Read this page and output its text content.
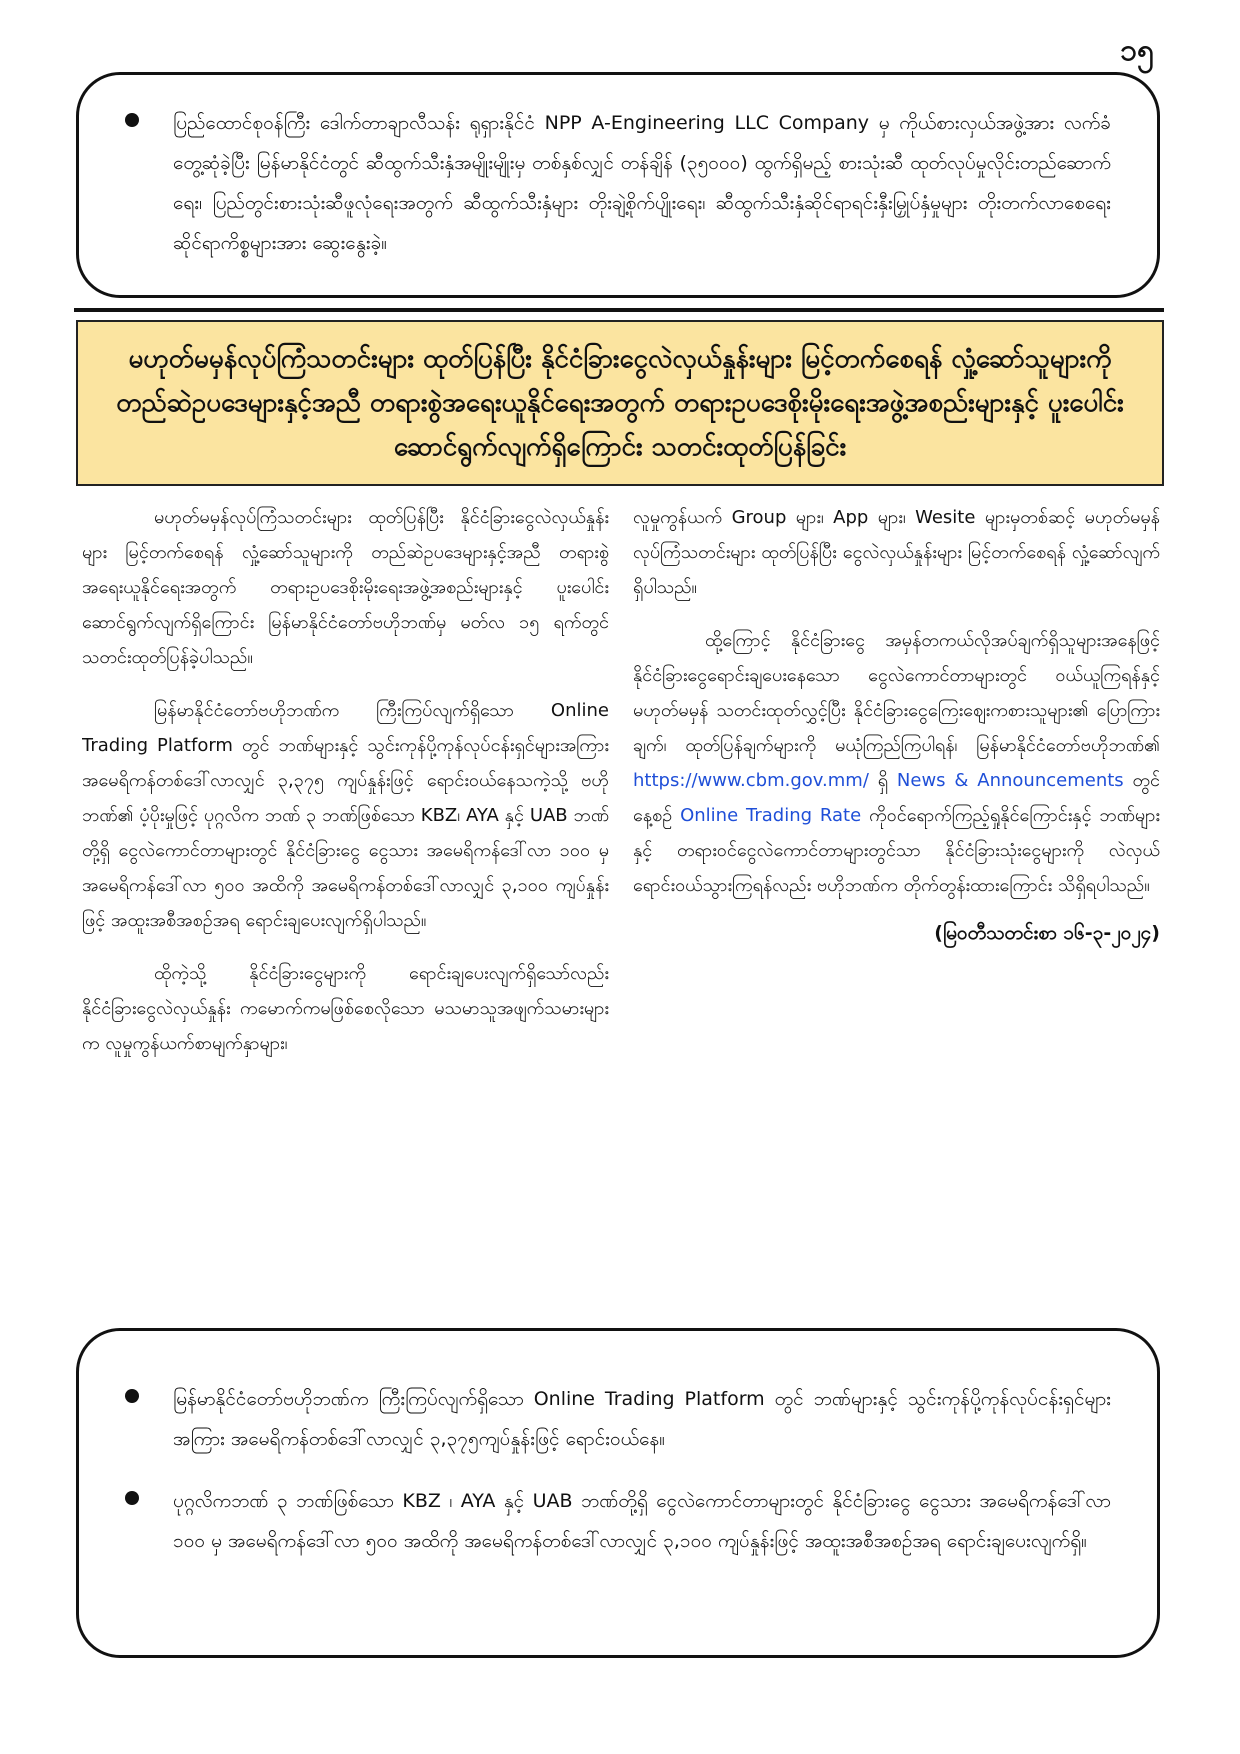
၁၅
ပြည်ထောင်စုဝန်ကြီး ဒေါက်တာချာလီသန်း ရုရှားနိုင်ငံ NPP A-Engineering LLC Company မှ ကိုယ်စားလှယ်အဖွဲ့အား လက်ခံတွေ့ဆုံခဲ့ပြီး မြန်မာနိုင်ငံတွင် ဆီထွက်သီးနှံအမျိုးမျိုးမှ တစ်နှစ်လျှင် တန်ချိန် (၃၅၀၀၀) ထွက်ရှိမည့် စားသုံးဆီ ထုတ်လုပ်မှုလိုင်းတည်ဆောက်ရေး၊ ပြည်တွင်းစားသုံးဆီဖူလုံရေးအတွက် ဆီထွက်သီးနှံများ တိုးချဲ့စိုက်ပျိုးရေး၊ ဆီထွက်သီးနှံဆိုင်ရာရင်းနှီးမြှုပ်နှံမှုများ တိုးတက်လာစေရေးဆိုင်ရာကိစ္စများအား ဆွေးနွေးခဲ့။
မဟုတ်မမှန်လုပ်ကြံသတင်းများ ထုတ်ပြန်ပြီး နိုင်ငံခြားငွေလဲလှယ်နှုန်းများ မြင့်တက်စေရန် လှုံ့ဆော်သူများကို တည်ဆဲဥပဒေများနှင့်အညီ တရားစွဲအရေးယူနိုင်ရေးအတွက် တရားဥပဒေစိုးမိုးရေးအဖွဲ့အစည်းများနှင့် ပူးပေါင်းဆောင်ရွက်လျက်ရှိကြောင်း သတင်းထုတ်ပြန်ခြင်း

မဟုတ်မမှန်လုပ်ကြံသတင်းများ ထုတ်ပြန်ပြီး နိုင်ငံခြားငွေလဲလှယ်နှုန်းများ မြင့်တက်စေရန် လှုံ့ဆော်သူများကို တည်ဆဲဥပဒေများနှင့်အညီ တရားစွဲအရေးယူနိုင်ရေးအတွက် တရားဥပဒေစိုးမိုးရေးအဖွဲ့အစည်းများနှင့် ပူးပေါင်းဆောင်ရွက်လျက်ရှိကြောင်း မြန်မာနိုင်ငံတော်ဗဟိုဘဏ်မှ မတ်လ ၁၅ ရက်တွင် သတင်းထုတ်ပြန်ခဲ့ပါသည်။

မြန်မာနိုင်ငံတော်ဗဟိုဘဏ်က ကြီးကြပ်လျက်ရှိသော Online Trading Platform တွင် ဘဏ်များနှင့် သွင်းကုန်ပို့ကုန်လုပ်ငန်းရှင်များအကြား အမေရိကန်တစ်ဒေါ်လာလျှင် ၃,၃၇၅ ကျပ်နှုန်းဖြင့် ရောင်းဝယ်နေသကဲ့သို့ ဗဟိုဘဏ်၏ ပံ့ပိုးမှုဖြင့် ပုဂ္ဂလိက ဘဏ် ၃ ဘဏ်ဖြစ်သော KBZ၊ AYA နှင့် UAB ဘဏ်တို့ရှိ ငွေလဲကောင်တာများတွင် နိုင်ငံခြားငွေ ငွေသား အမေရိကန်ဒေါ်လာ ၁၀၀ မှ အမေရိကန်ဒေါ်လာ ၅၀၀ အထိကို အမေရိကန်တစ်ဒေါ်လာလျှင် ၃,၁၀၀ ကျပ်နှုန်းဖြင့် အထူးအစီအစဉ်အရ ရောင်းချပေးလျက်ရှိပါသည်။

ထိုကဲ့သို့ နိုင်ငံခြားငွေများကို ရောင်းချပေးလျက်ရှိသော်လည်း နိုင်ငံခြားငွေလဲလှယ်နှုန်း ကမောက်ကမဖြစ်စေလိုသော မသမာသူအဖျက်သမားများက လူမှုကွန်ယက်စာမျက်နှာများ၊

လူမှုကွန်ယက် Group များ၊ App များ၊ Wesite များမှတစ်ဆင့် မဟုတ်မမှန်လုပ်ကြံသတင်းများ ထုတ်ပြန်ပြီး ငွေလဲလှယ်နှုန်းများ မြင့်တက်စေရန် လှုံ့ဆော်လျက်ရှိပါသည်။

ထို့ကြောင့် နိုင်ငံခြားငွေ အမှန်တကယ်လိုအပ်ချက်ရှိသူများအနေဖြင့် နိုင်ငံခြားငွေရောင်းချပေးနေသော ငွေလဲကောင်တာများတွင် ဝယ်ယူကြရန်နှင့် မဟုတ်မမှန် သတင်းထုတ်လွှင့်ပြီး နိုင်ငံခြားငွေကြေးဈေးကစားသူများ၏ ပြောကြားချက်၊ ထုတ်ပြန်ချက်များကို မယုံကြည်ကြပါရန်၊ မြန်မာနိုင်ငံတော်ဗဟိုဘဏ်၏ https://www.cbm.gov.mm/ ရှိ News & Announcements တွင် နေ့စဉ် Online Trading Rate ကိုဝင်ရောက်ကြည့်ရှုနိုင်ကြောင်းနှင့် ဘဏ်များနှင့် တရားဝင်ငွေလဲကောင်တာများတွင်သာ နိုင်ငံခြားသုံးငွေများကို လဲလှယ်ရောင်းဝယ်သွားကြရန်လည်း ဗဟိုဘဏ်က တိုက်တွန်းထားကြောင်း သိရှိရပါသည်။

(မြဝတီသတင်းစာ ၁၆-၃-၂၀၂၄)
မြန်မာနိုင်ငံတော်ဗဟိုဘဏ်က ကြီးကြပ်လျက်ရှိသော Online Trading Platform တွင် ဘဏ်များနှင့် သွင်းကုန်ပို့ကုန်လုပ်ငန်းရှင်များအကြား အမေရိကန်တစ်ဒေါ်လာလျှင် ၃,၃၇၅ကျပ်နှုန်းဖြင့် ရောင်းဝယ်နေ။
ပုဂ္ဂလိကဘဏ် ၃ ဘဏ်ဖြစ်သော KBZ ၊ AYA နှင့် UAB ဘဏ်တို့ရှိ ငွေလဲကောင်တာများတွင် နိုင်ငံခြားငွေ ငွေသား အမေရိကန်ဒေါ်လာ ၁၀၀ မှ အမေရိကန်ဒေါ်လာ ၅၀၀ အထိကို အမေရိကန်တစ်ဒေါ်လာလျှင် ၃,၁၀၀ ကျပ်နှုန်းဖြင့် အထူးအစီအစဉ်အရ ရောင်းချပေးလျက်ရှိ။
